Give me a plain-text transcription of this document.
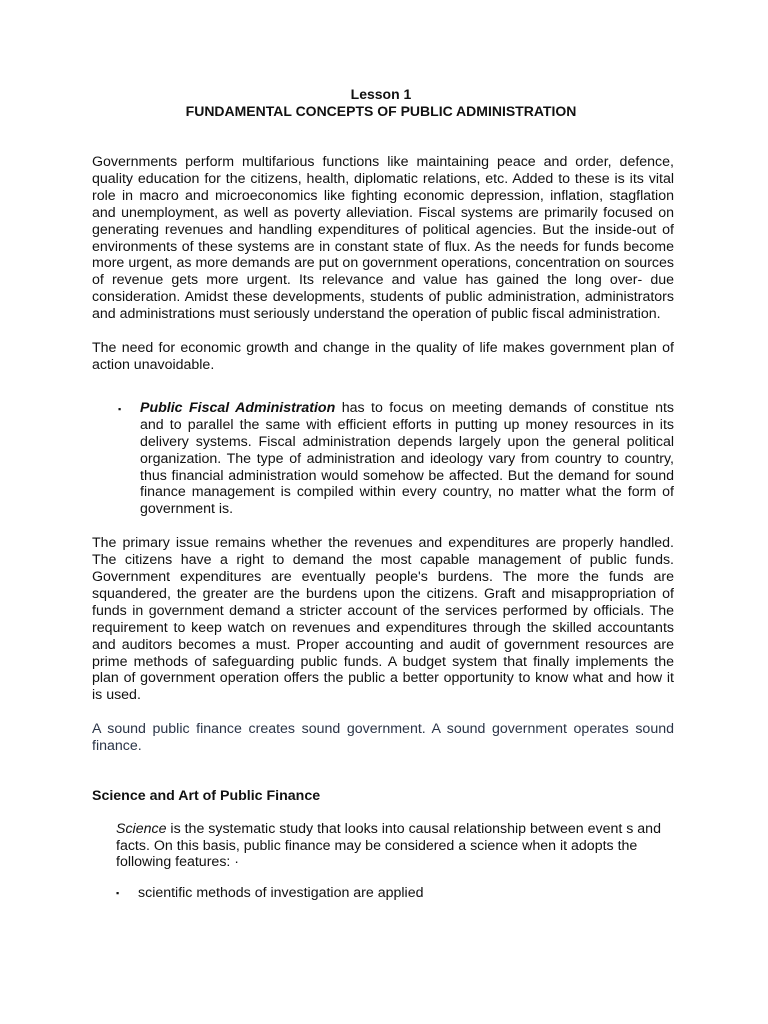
Lesson 1
FUNDAMENTAL CONCEPTS OF PUBLIC ADMINISTRATION

Governments perform multifarious functions like maintaining peace and order, defence, quality education for the citizens, health, diplomatic relations, etc. Added to these is its vital role in macro and microeconomics like fighting economic depression, inflation, stagflation and unemployment, as well as poverty alleviation. Fiscal systems are primarily focused on generating revenues and handling expenditures of political agencies. But the inside-out of environments of these systems are in constant state of flux. As the needs for funds become more urgent, as more demands are put on government operations, concentration on sources of revenue gets more urgent. Its relevance and value has gained the long over- due consideration. Amidst these developments, students of public administration, administrators and administrations must seriously understand the operation of public fiscal administration.

The need for economic growth and change in the quality of life makes government plan of action unavoidable.

▪ Public Fiscal Administration has to focus on meeting demands of constitue nts and to parallel the same with efficient efforts in putting up money resources in its delivery systems. Fiscal administration depends largely upon the general political organization. The type of administration and ideology vary from country to country, thus financial administration would somehow be affected. But the demand for sound finance management is compiled within every country, no matter what the form of government is.

The primary issue remains whether the revenues and expenditures are properly handled. The citizens have a right to demand the most capable management of public funds. Government expenditures are eventually people's burdens. The more the funds are squandered, the greater are the burdens upon the citizens. Graft and misappropriation of funds in government demand a stricter account of the services performed by officials. The requirement to keep watch on revenues and expenditures through the skilled accountants and auditors becomes a must. Proper accounting and audit of government resources are prime methods of safeguarding public funds. A budget system that finally implements the plan of government operation offers the public a better opportunity to know what and how it is used.

A sound public finance creates sound government. A sound government operates sound finance.

Science and Art of Public Finance

Science is the systematic study that looks into causal relationship between event s and facts. On this basis, public finance may be considered a science when it adopts the following features: ·

▪ scientific methods of investigation are applied
